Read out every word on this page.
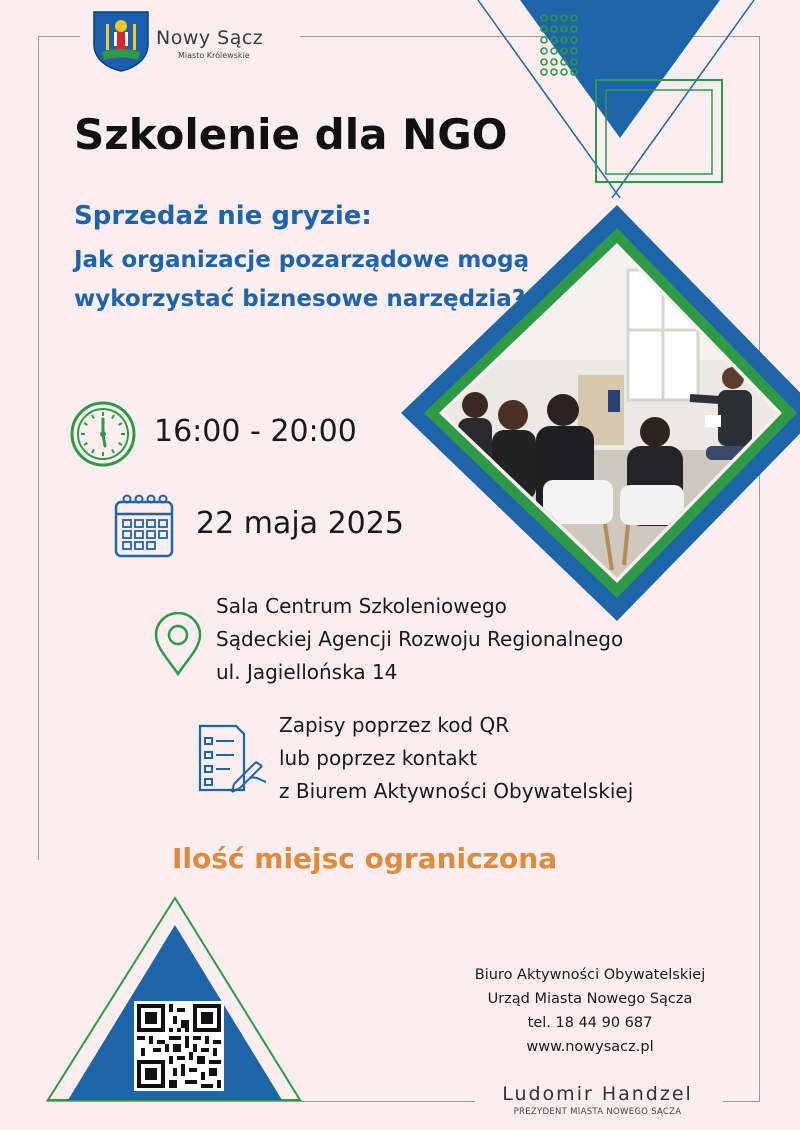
Nowy Sącz
Miasto Królewskie
Szkolenie dla NGO
Sprzedaż nie gryzie:
Jak organizacje pozarządowe mogą wykorzystać biznesowe narzędzia?
16:00 - 20:00
22 maja 2025
Sala Centrum Szkoleniowego
Sądeckiej Agencji Rozwoju Regionalnego
ul. Jagiellońska 14
Zapisy poprzez kod QR
lub poprzez kontakt
z Biurem Aktywności Obywatelskiej
Ilość miejsc ograniczona
Biuro Aktywności Obywatelskiej
Urząd Miasta Nowego Sącza
tel. 18 44 90 687
www.nowysacz.pl
Ludomir Handzel
PREZYDENT MIASTA NOWEGO SĄCZA
